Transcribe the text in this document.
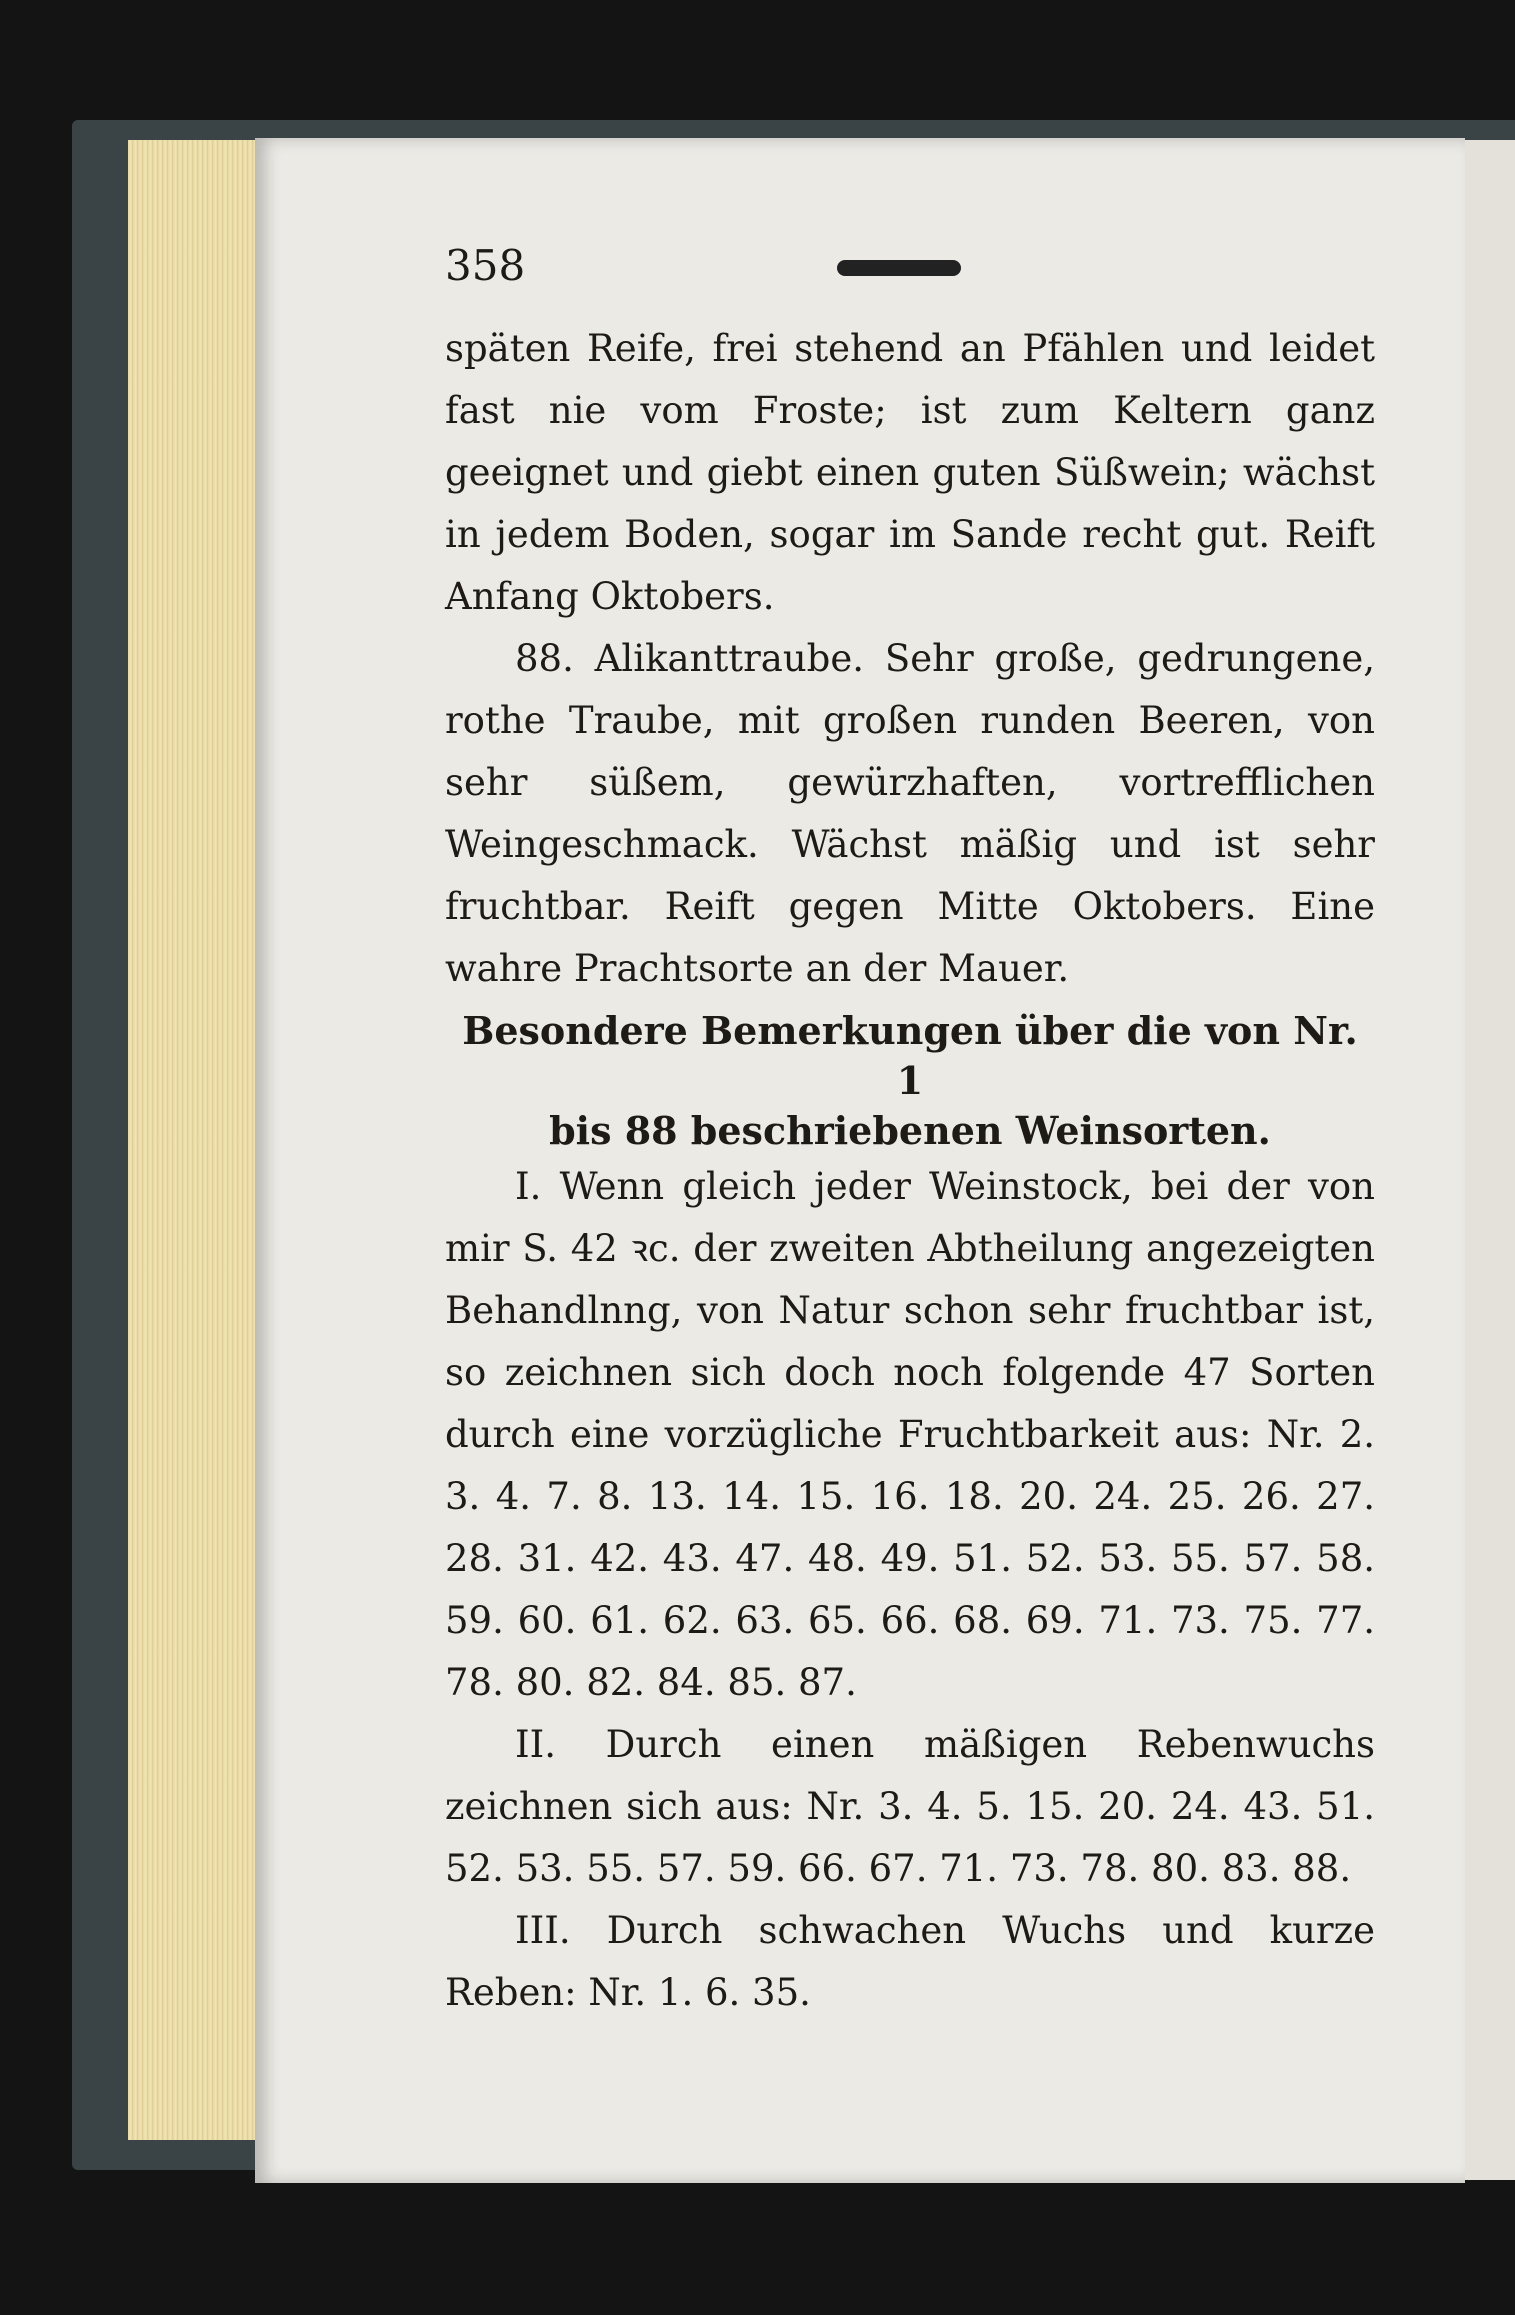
358

späten Reife, frei stehend an Pfählen und leidet fast nie vom Froste; ist zum Keltern ganz geeignet und giebt einen guten Süßwein; wächst in jedem Boden, sogar im Sande recht gut. Reift Anfang Oktobers.

88. Alikanttraube. Sehr große, gedrungene, rothe Traube, mit großen runden Beeren, von sehr süßem, gewürzhaften, vortrefflichen Weingeschmack. Wächst mäßig und ist sehr fruchtbar. Reift gegen Mitte Oktobers. Eine wahre Prachtsorte an der Mauer.

Besondere Bemerkungen über die von Nr. 1
bis 88 beschriebenen Weinsorten.

I. Wenn gleich jeder Weinstock, bei der von mir S. 42 ꝛc. der zweiten Abtheilung angezeigten Behandlnng, von Natur schon sehr fruchtbar ist, so zeichnen sich doch noch folgende 47 Sorten durch eine vorzügliche Fruchtbarkeit aus: Nr. 2. 3. 4. 7. 8. 13. 14. 15. 16. 18. 20. 24. 25. 26. 27. 28. 31. 42. 43. 47. 48. 49. 51. 52. 53. 55. 57. 58. 59. 60. 61. 62. 63. 65. 66. 68. 69. 71. 73. 75. 77. 78. 80. 82. 84. 85. 87.

II. Durch einen mäßigen Rebenwuchs zeichnen sich aus: Nr. 3. 4. 5. 15. 20. 24. 43. 51. 52. 53. 55. 57. 59. 66. 67. 71. 73. 78. 80. 83. 88.

III. Durch schwachen Wuchs und kurze Reben: Nr. 1. 6. 35.
